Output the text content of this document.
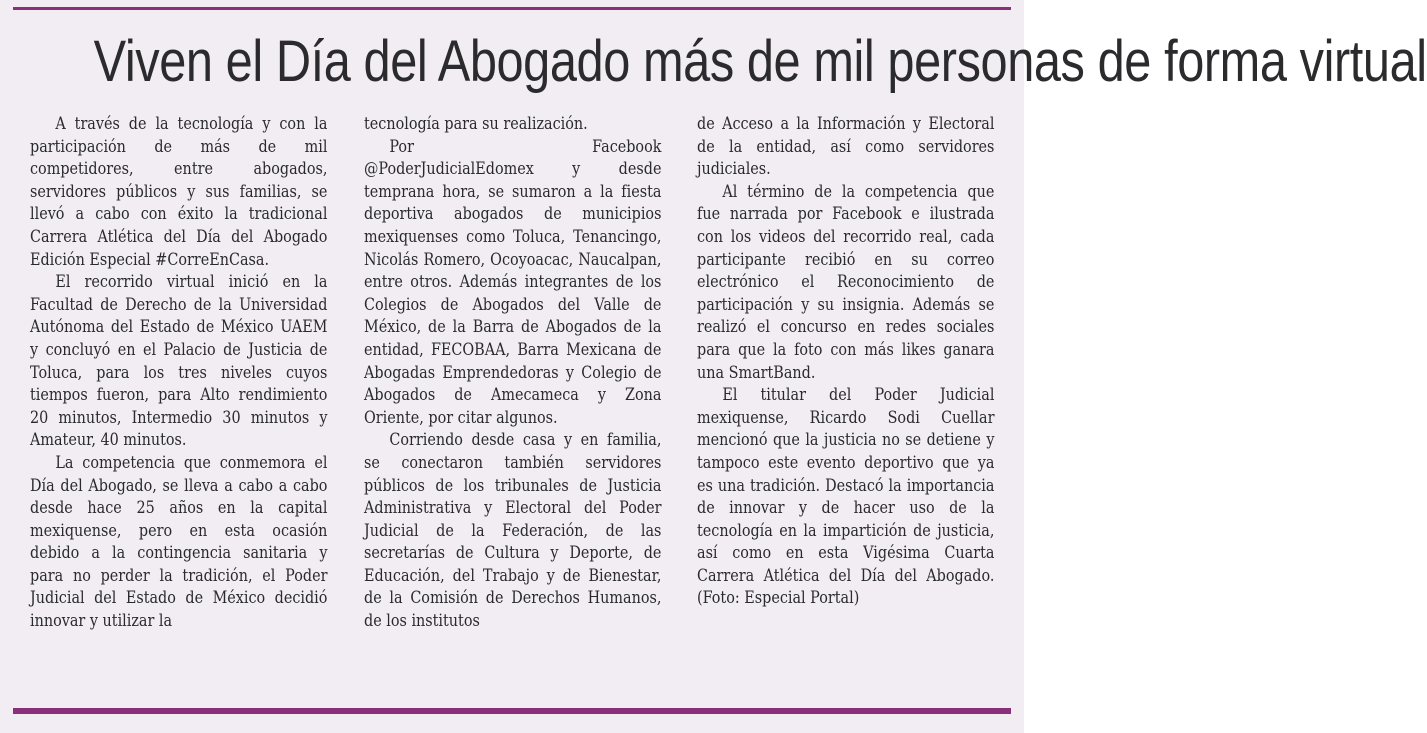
Viven el Día del Abogado más de mil personas de forma virtual

A través de la tecnología y con la participación de más de mil competidores, entre abogados, servidores públicos y sus familias, se llevó a cabo con éxito la tradicional Carrera Atlética del Día del Abogado Edición Especial #CorreEnCasa.

El recorrido virtual inició en la Facultad de Derecho de la Universidad Autónoma del Estado de México UAEM y concluyó en el Palacio de Justicia de Toluca, para los tres niveles cuyos tiempos fueron, para Alto rendimiento 20 minutos, Intermedio 30 minutos y Amateur, 40 minutos.

La competencia que conmemora el Día del Abogado, se lleva a cabo a cabo desde hace 25 años en la capital mexiquense, pero en esta ocasión debido a la contingencia sanitaria y para no perder la tradición, el Poder Judicial del Estado de México decidió innovar y utilizar la

tecnología para su realización.

Por Facebook @PoderJudicialEdomex y desde temprana hora, se sumaron a la fiesta deportiva abogados de municipios mexiquenses como Toluca, Tenancingo, Nicolás Romero, Ocoyoacac, Naucalpan, entre otros. Además integrantes de los Colegios de Abogados del Valle de México, de la Barra de Abogados de la entidad, FECOBAA, Barra Mexicana de Abogadas Emprendedoras y Colegio de Abogados de Amecameca y Zona Oriente, por citar algunos.

Corriendo desde casa y en familia, se conectaron también servidores públicos de los tribunales de Justicia Administrativa y Electoral del Poder Judicial de la Federación, de las secretarías de Cultura y Deporte, de Educación, del Trabajo y de Bienestar, de la Comisión de Derechos Humanos, de los institutos

de Acceso a la Información y Electoral de la entidad, así como servidores judiciales.

Al término de la competencia que fue narrada por Facebook e ilustrada con los videos del recorrido real, cada participante recibió en su correo electrónico el Reconocimiento de participación y su insignia. Además se realizó el concurso en redes sociales para que la foto con más likes ganara una SmartBand.

El titular del Poder Judicial mexiquense, Ricardo Sodi Cuellar mencionó que la justicia no se detiene y tampoco este evento deportivo que ya es una tradición. Destacó la importancia de innovar y de hacer uso de la tecnología en la impartición de justicia, así como en esta Vigésima Cuarta Carrera Atlética del Día del Abogado. (Foto: Especial Portal)
